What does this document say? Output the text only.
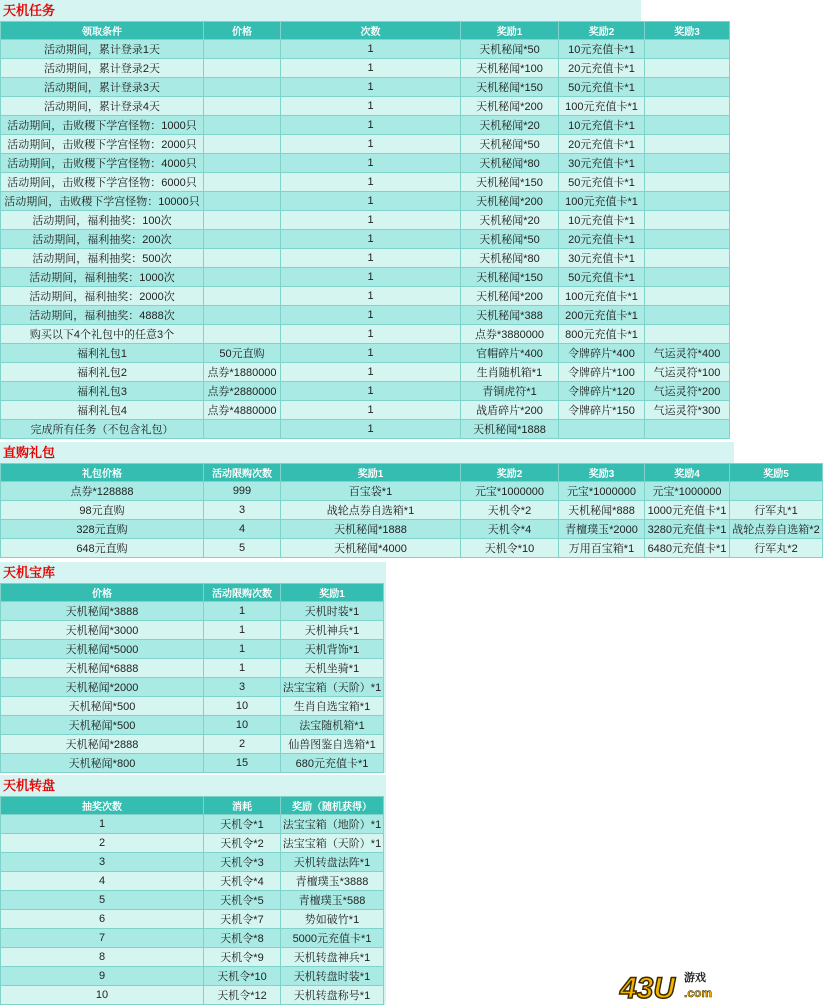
天机任务
领取条件	价格	次数	奖励1	奖励2	奖励3
活动期间，累计登录1天		1	天机秘闻*50	10元充值卡*1	
活动期间，累计登录2天		1	天机秘闻*100	20元充值卡*1	
活动期间，累计登录3天		1	天机秘闻*150	50元充值卡*1	
活动期间，累计登录4天		1	天机秘闻*200	100元充值卡*1	
活动期间，击败稷下学宫怪物：1000只		1	天机秘闻*20	10元充值卡*1	
活动期间，击败稷下学宫怪物：2000只		1	天机秘闻*50	20元充值卡*1	
活动期间，击败稷下学宫怪物：4000只		1	天机秘闻*80	30元充值卡*1	
活动期间，击败稷下学宫怪物：6000只		1	天机秘闻*150	50元充值卡*1	
活动期间，击败稷下学宫怪物：10000只		1	天机秘闻*200	100元充值卡*1	
活动期间，福利抽奖：100次		1	天机秘闻*20	10元充值卡*1	
活动期间，福利抽奖：200次		1	天机秘闻*50	20元充值卡*1	
活动期间，福利抽奖：500次		1	天机秘闻*80	30元充值卡*1	
活动期间，福利抽奖：1000次		1	天机秘闻*150	50元充值卡*1	
活动期间，福利抽奖：2000次		1	天机秘闻*200	100元充值卡*1	
活动期间，福利抽奖：4888次		1	天机秘闻*388	200元充值卡*1	
购买以下4个礼包中的任意3个		1	点券*3880000	800元充值卡*1	
福利礼包1	50元直购	1	官帽碎片*400	令牌碎片*400	气运灵符*400
福利礼包2	点券*1880000	1	生肖随机箱*1	令牌碎片*100	气运灵符*100
福利礼包3	点券*2880000	1	青铜虎符*1	令牌碎片*120	气运灵符*200
福利礼包4	点券*4880000	1	战盾碎片*200	令牌碎片*150	气运灵符*300
完成所有任务（不包含礼包）		1	天机秘闻*1888		
直购礼包
礼包价格	活动限购次数	奖励1	奖励2	奖励3	奖励4	奖励5
点券*128888	999	百宝袋*1	元宝*1000000	元宝*1000000	元宝*1000000	
98元直购	3	战轮点券自选箱*1	天机令*2	天机秘闻*888	1000元充值卡*1	行军丸*1
328元直购	4	天机秘闻*1888	天机令*4	青檀璞玉*2000	3280元充值卡*1	战轮点券自选箱*2
648元直购	5	天机秘闻*4000	天机令*10	万用百宝箱*1	6480元充值卡*1	行军丸*2
天机宝库
价格	活动限购次数	奖励1
天机秘闻*3888	1	天机时装*1
天机秘闻*3000	1	天机神兵*1
天机秘闻*5000	1	天机背饰*1
天机秘闻*6888	1	天机坐骑*1
天机秘闻*2000	3	法宝宝箱（天阶）*1
天机秘闻*500	10	生肖自选宝箱*1
天机秘闻*500	10	法宝随机箱*1
天机秘闻*2888	2	仙兽图鉴自选箱*1
天机秘闻*800	15	680元充值卡*1
天机转盘
抽奖次数	消耗	奖励（随机获得）
1	天机令*1	法宝宝箱（地阶）*1
2	天机令*2	法宝宝箱（天阶）*1
3	天机令*3	天机转盘法阵*1
4	天机令*4	青檀璞玉*3888
5	天机令*5	青檀璞玉*588
6	天机令*7	势如破竹*1
7	天机令*8	5000元充值卡*1
8	天机令*9	天机转盘神兵*1
9	天机令*10	天机转盘时装*1
10	天机令*12	天机转盘称号*1	43U 游戏
.com
